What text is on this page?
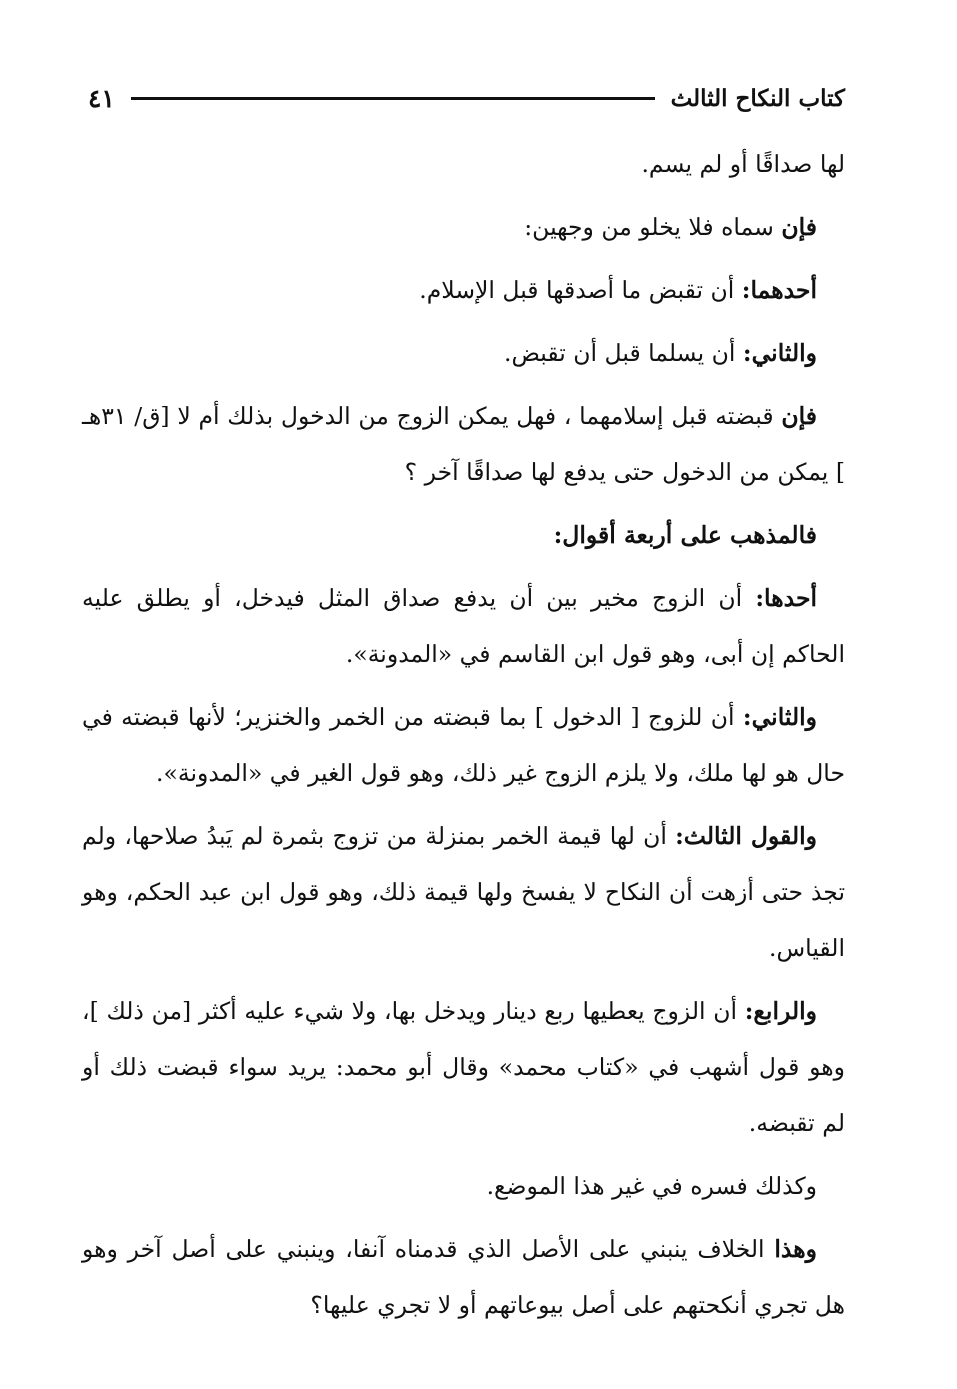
كتاب النكاح الثالث
٤١

لها صداقًا أو لم يسم.

فإن سماه فلا يخلو من وجهين:

أحدهما: أن تقبض ما أصدقها قبل الإسلام.

والثاني: أن يسلما قبل أن تقبض.

فإن قبضته قبل إسلامهما ، فهل يمكن الزوج من الدخول بذلك أم لا [ق/ ٣١هـ ] يمكن من الدخول حتى يدفع لها صداقًا آخر ؟

فالمذهب على أربعة أقوال:

أحدها: أن الزوج مخير بين أن يدفع صداق المثل فيدخل، أو يطلق عليه الحاكم إن أبى، وهو قول ابن القاسم في «المدونة».

والثاني: أن للزوج [ الدخول ] بما قبضته من الخمر والخنزير؛ لأنها قبضته في حال هو لها ملك، ولا يلزم الزوج غير ذلك، وهو قول الغير في «المدونة».

والقول الثالث: أن لها قيمة الخمر بمنزلة من تزوج بثمرة لم يَبدُ صلاحها، ولم تجذ حتى أزهت أن النكاح لا يفسخ ولها قيمة ذلك، وهو قول ابن عبد الحكم، وهو القياس.

والرابع: أن الزوج يعطيها ربع دينار ويدخل بها، ولا شيء عليه أكثر [من ذلك ]، وهو قول أشهب في «كتاب محمد» وقال أبو محمد: يريد سواء قبضت ذلك أو لم تقبضه.

وكذلك فسره في غير هذا الموضع.

وهذا الخلاف ينبني على الأصل الذي قدمناه آنفا، وينبني على أصل آخر وهو هل تجري أنكحتهم على أصل بيوعاتهم أو لا تجري عليها؟
